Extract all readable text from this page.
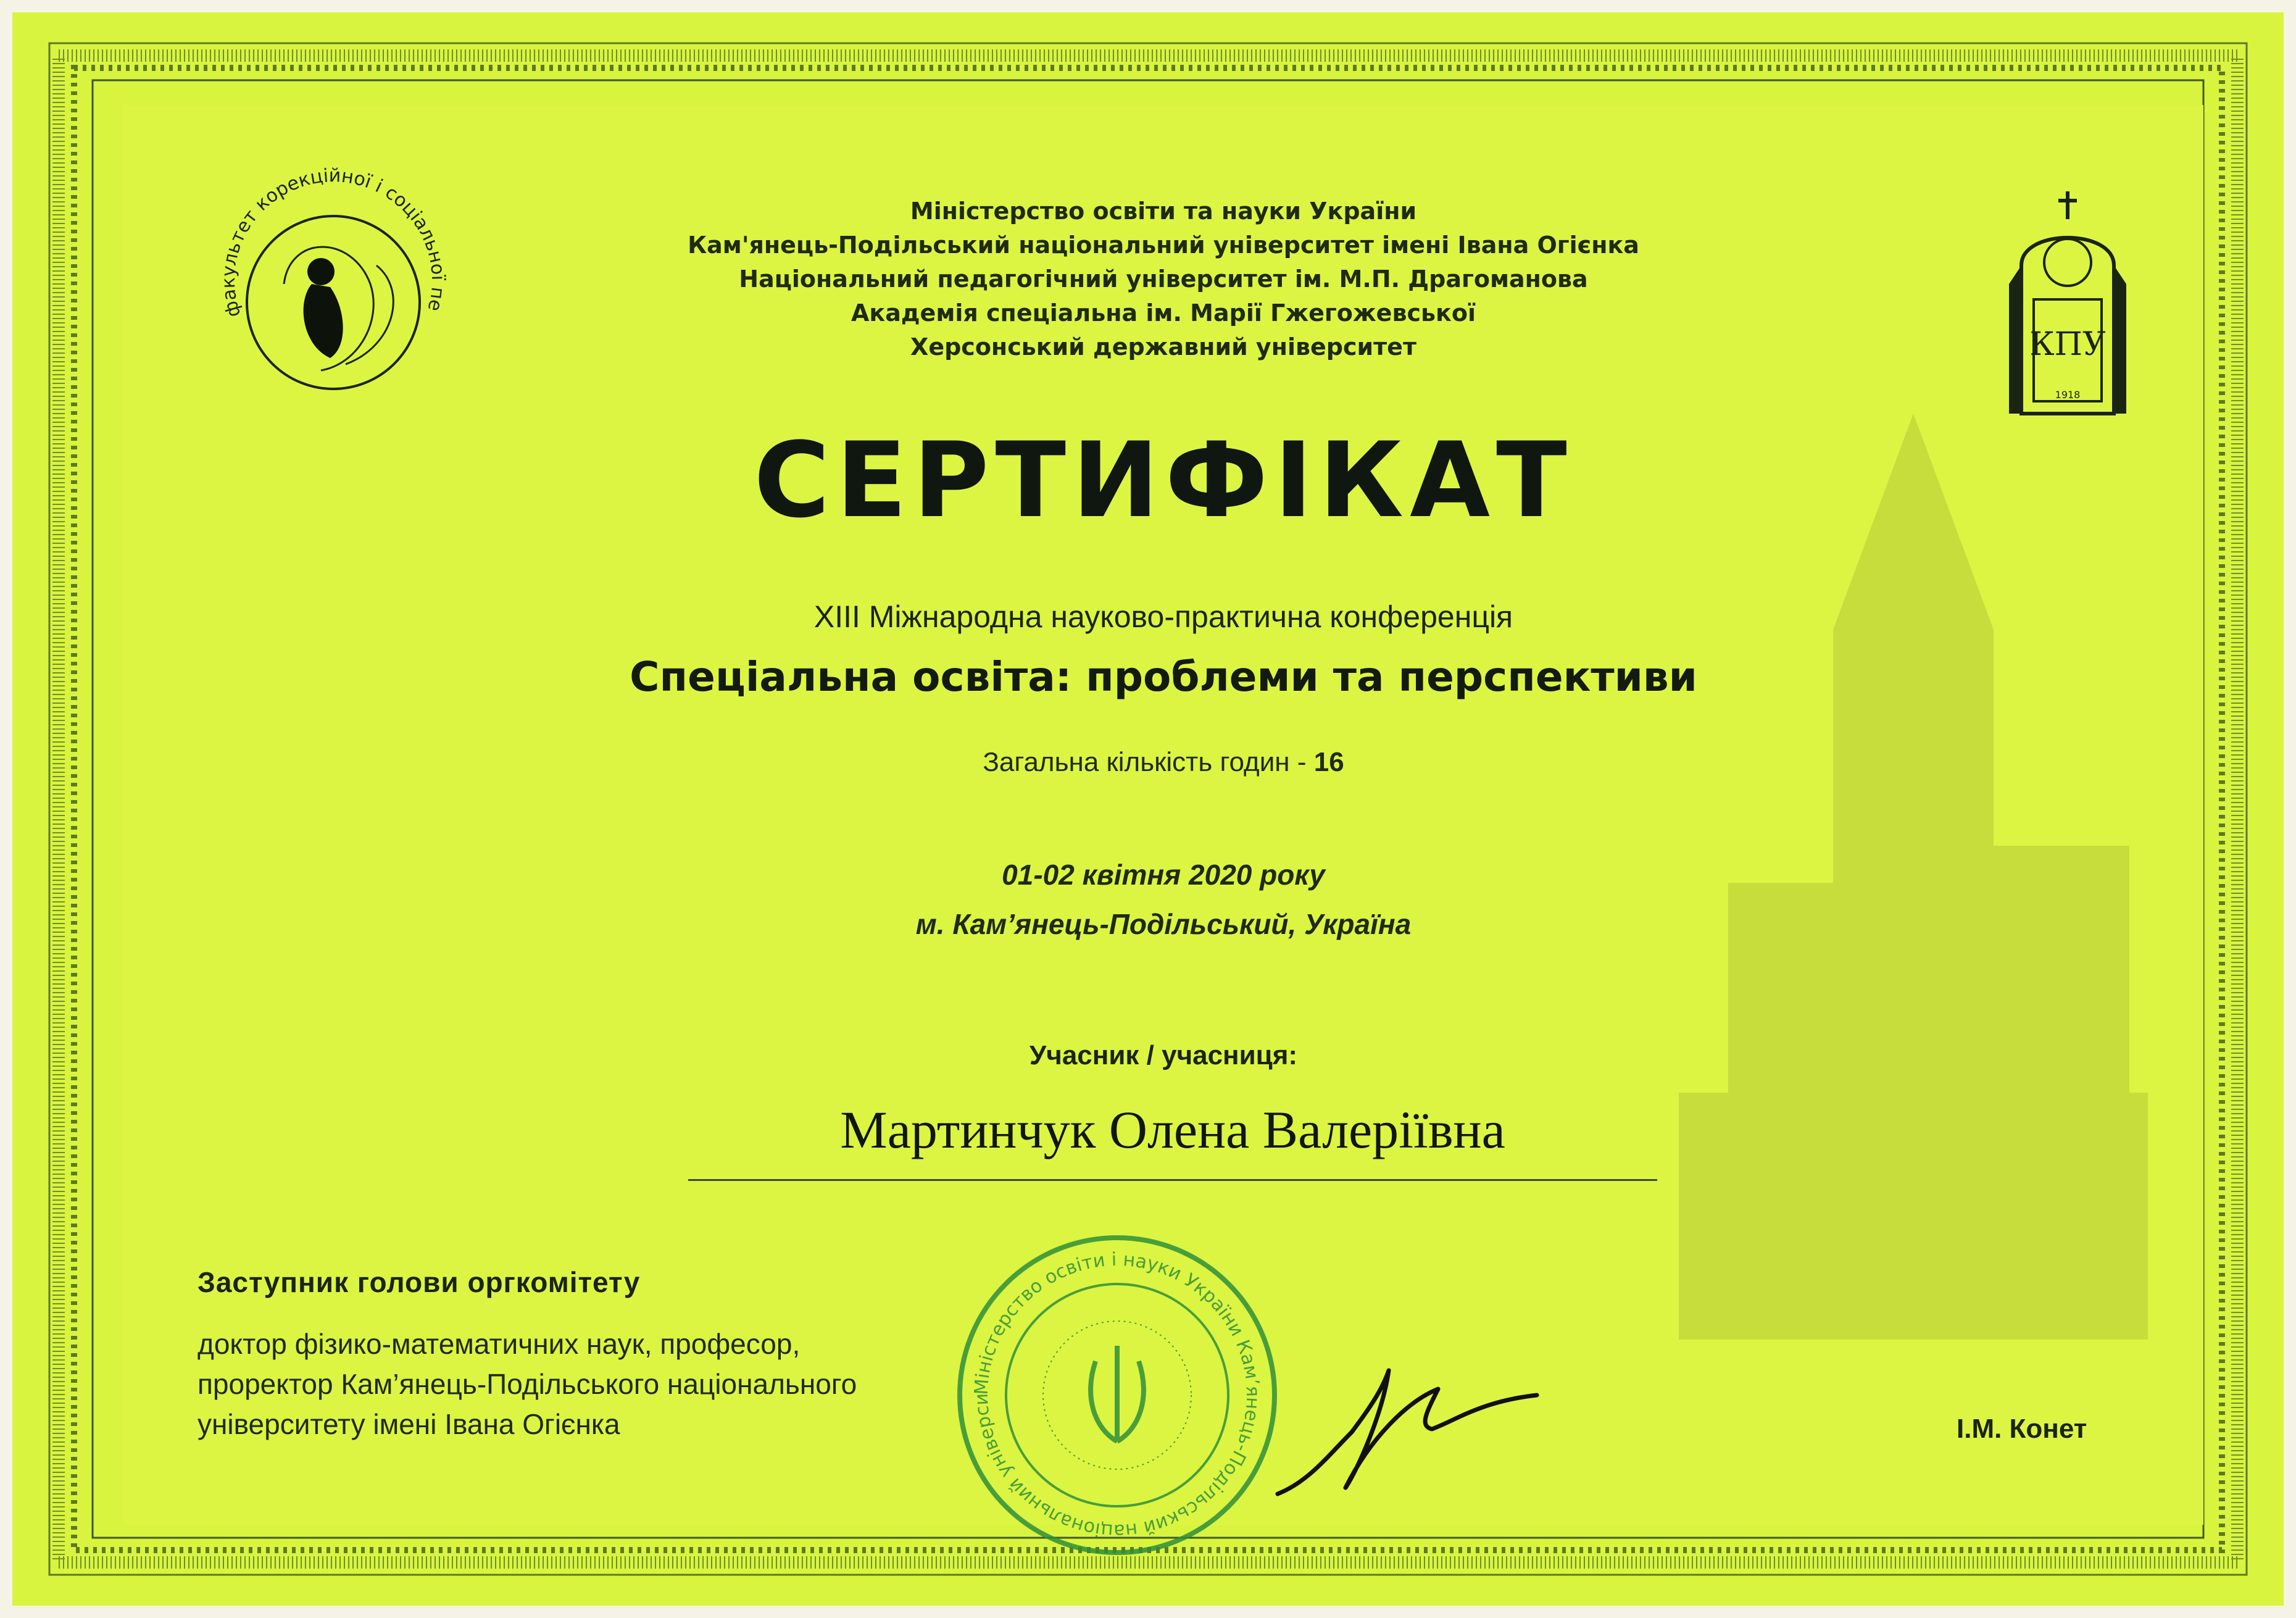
факультет корекційної і соціальної пе
КПУ
1918
Міністерство освіти та науки України
Кам'янець-Подільський національний університет імені Івана Огієнка
Національний педагогічний університет ім. М.П. Драгоманова
Академія спеціальна ім. Марії Гжегожевської
Херсонський державний університет
СЕРТИФІКАТ
XIII Міжнародна науково-практична конференція
Спеціальна освіта: проблеми та перспективи
Загальна кількість годин - 16
01-02 квітня 2020 року
м. Кам’янець-Подільський, Україна
Учасник / учасниця:
Мартинчук Олена Валеріївна
Заступник голови оргкомітету
доктор фізико-математичних наук, професор,
проректор Кам’янець-Подільського національного
університету імені Івана Огієнка
Міністерство освіти і науки України Кам’янець-Подільський національний універси
І.М. Конет
